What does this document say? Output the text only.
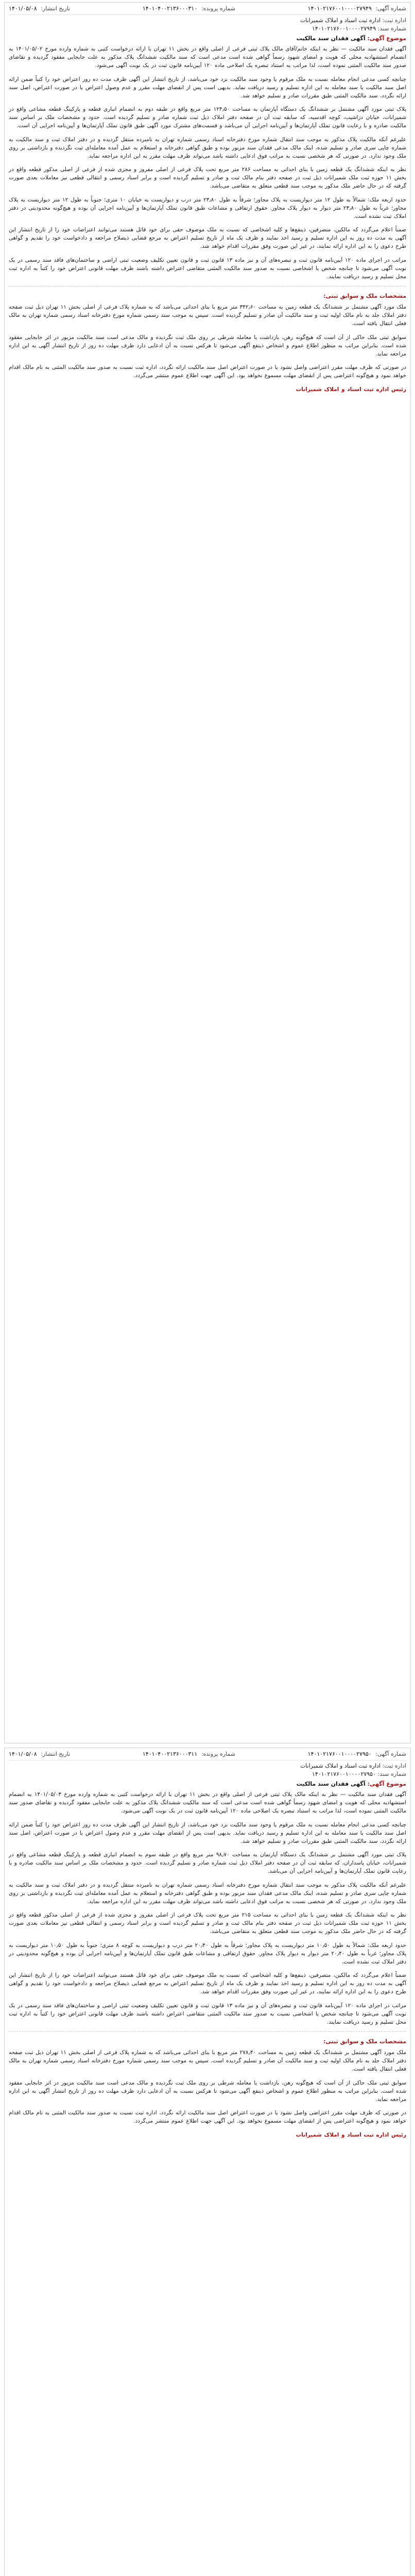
شماره آگهی: ۱۴۰۱۰۲۱۷۶۰۰۱۰۰۰۰۲۷۹۴۹
شماره پرونده: ۱۴۰۱۰۴۰۰۲۱۳۶۰۰۰۳۱۰
تاریخ انتشار: ۱۴۰۱/۰۵/۰۸
اداره ثبت: اداره ثبت اسناد و املاک شمیرانات
شماره سند: ۱۴۰۱۰۲۱۷۶۰۰۱۰۰۰۰۲۷۹۴۹
موضوع آگهی: آگهی فقدان سند مالکیت

آگهی فقدان سند مالکیت — نظر به اینکه خانم/آقای مالک پلاک ثبتی فرعی از اصلی واقع در بخش ۱۱ تهران با ارائه درخواست کتبی به شماره وارده مورخ ۱۴۰۱/۰۵/۰۲ به انضمام استشهادیه محلی که هویت و امضای شهود رسماً گواهی شده است مدعی است که سند مالکیت ششدانگ پلاک مذکور به علت جابجایی مفقود گردیده و تقاضای صدور سند مالکیت المثنی نموده است، لذا مراتب به استناد تبصره یک اصلاحی ماده ۱۲۰ آیین‌نامه قانون ثبت در یک نوبت آگهی می‌شود.

چنانچه کسی مدعی انجام معامله نسبت به ملک مرقوم یا وجود سند مالکیت نزد خود می‌باشد، از تاریخ انتشار این آگهی ظرف مدت ده روز اعتراض خود را کتباً ضمن ارائه اصل سند مالکیت یا سند معامله به این اداره تسلیم و رسید دریافت نماید. بدیهی است پس از انقضای مهلت مقرر و عدم وصول اعتراض یا در صورت اعتراض، اصل سند ارائه نگردد، سند مالکیت المثنی طبق مقررات صادر و تسلیم خواهد شد.

پلاک ثبتی مورد آگهی مشتمل بر ششدانگ یک دستگاه آپارتمان به مساحت ۱۲۴٫۵۰ متر مربع واقع در طبقه دوم به انضمام انباری قطعه و پارکینگ قطعه مشاعی واقع در شمیرانات، خیابان دزاشیب، کوچه اقدسیه، که سابقه ثبت آن در صفحه دفتر املاک ذیل ثبت شماره صادر و تسلیم گردیده است. حدود و مشخصات ملک بر اساس سند مالکیت صادره و با رعایت قانون تملک آپارتمان‌ها و آیین‌نامه اجرایی آن می‌باشد و قسمت‌های مشترک مورد آگهی طبق قانون تملک آپارتمان‌ها و آیین‌نامه اجرایی آن است.

علیرغم آنکه مالکیت پلاک مذکور به موجب سند انتقال شماره مورخ دفترخانه اسناد رسمی شماره تهران به نامبرده منتقل گردیده و در دفتر املاک ثبت و سند مالکیت به شماره چاپی سری صادر و تسلیم شده، اینک مالک مدعی فقدان سند مزبور بوده و طبق گواهی دفترخانه و استعلام به عمل آمده معامله‌ای ثبت نگردیده و بازداشتی بر روی ملک وجود ندارد. در صورتی که هر شخصی نسبت به مراتب فوق ادعایی داشته باشد می‌تواند ظرف مهلت مقرر به این اداره مراجعه نماید.

نظر به اینکه ششدانگ یک قطعه زمین با بنای احداثی به مساحت ۲۸۶ متر مربع تحت پلاک فرعی از اصلی مفروز و مجزی شده از فرعی از اصلی مذکور قطعه واقع در بخش ۱۱ حوزه ثبت ملک شمیرانات ذیل ثبت در صفحه دفتر بنام مالک ثبت و صادر و تسلیم گردیده است و برابر اسناد رسمی و انتقالی قطعی نیز معاملات بعدی صورت گرفته که در حال حاضر ملک مذکور به موجب سند قطعی متعلق به متقاضی می‌باشد.

حدود اربعه ملک: شمالاً به طول ۱۲ متر دیواریست به پلاک مجاور؛ شرقاً به طول ۲۳٫۸۰ متر درب و دیواریست به خیابان ۱۰ متری؛ جنوباً به طول ۱۲ متر دیواریست به پلاک مجاور؛ غرباً به طول ۲۳٫۸۰ متر دیوار به دیوار پلاک مجاور. حقوق ارتفاقی و مشاعات طبق قانون تملک آپارتمان‌ها و آیین‌نامه اجرایی آن بوده و هیچ‌گونه محدودیتی در دفتر املاک ثبت نشده است.

ضمناً اعلام می‌گردد که مالکین، متصرفین، ذینفع‌ها و کلیه اشخاصی که نسبت به ملک موصوف حقی برای خود قائل هستند می‌توانند اعتراضات خود را از تاریخ انتشار این آگهی به مدت ده روز به این اداره تسلیم و رسید اخذ نمایند و ظرف یک ماه از تاریخ تسلیم اعتراض به مرجع قضایی ذیصلاح مراجعه و دادخواست خود را تقدیم و گواهی طرح دعوی را به این اداره ارائه نمایند، در غیر این صورت وفق مقررات اقدام خواهد شد.

مراتب در اجرای ماده ۱۲۰ آیین‌نامه قانون ثبت و تبصره‌های آن و نیز ماده ۱۳ قانون ثبت و قانون تعیین تکلیف وضعیت ثبتی اراضی و ساختمان‌های فاقد سند رسمی در یک نوبت آگهی می‌شود تا چنانچه شخص یا اشخاصی نسبت به صدور سند مالکیت المثنی متقاضی اعتراض داشته باشند ظرف مهلت قانونی اعتراض خود را کتباً به اداره ثبت محل تسلیم و رسید دریافت نمایند.

مشخصات ملک و سوابق ثبتی:

ملک مورد آگهی مشتمل بر ششدانگ یک قطعه زمین به مساحت ۳۴۲٫۶۰ متر مربع با بنای احداثی می‌باشد که به شماره پلاک فرعی از اصلی بخش ۱۱ تهران ذیل ثبت صفحه دفتر املاک جلد به نام مالک اولیه ثبت و سند مالکیت آن صادر و تسلیم گردیده است. سپس به موجب سند رسمی شماره مورخ دفترخانه اسناد رسمی شماره تهران به مالک فعلی انتقال یافته است.

سوابق ثبتی ملک حاکی از آن است که هیچ‌گونه رهن، بازداشت یا معامله شرطی بر روی ملک ثبت نگردیده و مالک مدعی است سند مالکیت مزبور در اثر جابجایی مفقود شده است. بنابراین مراتب به منظور اطلاع عموم و اشخاص ذینفع آگهی می‌شود تا هرکس نسبت به آن ادعایی دارد ظرف مهلت ده روز از تاریخ انتشار آگهی به این اداره مراجعه نماید.

در صورتی که ظرف مهلت مقرر اعتراضی واصل نشود یا در صورت اعتراض اصل سند مالکیت ارائه نگردد، اداره ثبت نسبت به صدور سند مالکیت المثنی به نام مالک اقدام خواهد نمود و هیچ‌گونه اعتراضی پس از انقضای مهلت مسموع نخواهد بود. این آگهی جهت اطلاع عموم منتشر می‌گردد.

رئیس اداره ثبت اسناد و املاک شمیرانات

شماره آگهی: ۱۴۰۱۰۲۱۷۶۰۰۱۰۰۰۰۲۷۹۵۰
شماره پرونده: ۱۴۰۱۰۴۰۰۲۱۳۶۰۰۰۳۱۱
تاریخ انتشار: ۱۴۰۱/۰۵/۰۸
اداره ثبت: اداره ثبت اسناد و املاک شمیرانات
شماره سند: ۱۴۰۱۰۲۱۷۶۰۰۱۰۰۰۰۲۷۹۵۰
موضوع آگهی: آگهی فقدان سند مالکیت

آگهی فقدان سند مالکیت — نظر به اینکه مالک پلاک ثبتی فرعی از اصلی واقع در بخش ۱۱ تهران با ارائه درخواست کتبی به شماره وارده مورخ ۱۴۰۱/۰۵/۰۳ به انضمام استشهادیه محلی که هویت و امضای شهود رسماً گواهی شده است مدعی است که سند مالکیت ششدانگ پلاک مذکور به علت جابجایی مفقود گردیده و تقاضای صدور سند مالکیت المثنی نموده است، لذا مراتب به استناد تبصره یک اصلاحی ماده ۱۲۰ آیین‌نامه قانون ثبت در یک نوبت آگهی می‌شود.

چنانچه کسی مدعی انجام معامله نسبت به ملک مرقوم یا وجود سند مالکیت نزد خود می‌باشد، از تاریخ انتشار این آگهی ظرف مدت ده روز اعتراض خود را کتباً ضمن ارائه اصل سند مالکیت یا سند معامله به این اداره تسلیم و رسید دریافت نماید. بدیهی است پس از انقضای مهلت مقرر و عدم وصول اعتراض یا در صورت اعتراض، اصل سند ارائه نگردد، سند مالکیت المثنی طبق مقررات صادر و تسلیم خواهد شد.

پلاک ثبتی مورد آگهی مشتمل بر ششدانگ یک دستگاه آپارتمان به مساحت ۹۸٫۷۰ متر مربع واقع در طبقه سوم به انضمام انباری قطعه و پارکینگ قطعه مشاعی واقع در شمیرانات، خیابان پاسداران، که سابقه ثبت آن در صفحه دفتر املاک ذیل ثبت شماره صادر و تسلیم گردیده است. حدود و مشخصات ملک بر اساس سند مالکیت صادره و با رعایت قانون تملک آپارتمان‌ها و آیین‌نامه اجرایی آن می‌باشد.

علیرغم آنکه مالکیت پلاک مذکور به موجب سند انتقال شماره مورخ دفترخانه اسناد رسمی شماره تهران به نامبرده منتقل گردیده و در دفتر املاک ثبت و سند مالکیت به شماره چاپی سری صادر و تسلیم شده، اینک مالک مدعی فقدان سند مزبور بوده و طبق گواهی دفترخانه و استعلام به عمل آمده معامله‌ای ثبت نگردیده و بازداشتی بر روی ملک وجود ندارد. در صورتی که هر شخصی نسبت به مراتب فوق ادعایی داشته باشد می‌تواند ظرف مهلت مقرر به این اداره مراجعه نماید.

نظر به اینکه ششدانگ یک قطعه زمین با بنای احداثی به مساحت ۲۱۵ متر مربع تحت پلاک فرعی از اصلی مفروز و مجزی شده از فرعی از اصلی مذکور قطعه واقع در بخش ۱۱ حوزه ثبت ملک شمیرانات ذیل ثبت در صفحه دفتر بنام مالک ثبت و صادر و تسلیم گردیده است و برابر اسناد رسمی و انتقالی قطعی نیز معاملات بعدی صورت گرفته که در حال حاضر ملک مذکور به موجب سند قطعی متعلق به متقاضی می‌باشد.

حدود اربعه ملک: شمالاً به طول ۱۰٫۵۰ متر دیواریست به پلاک مجاور؛ شرقاً به طول ۲۰٫۴۰ متر درب و دیواریست به کوچه ۸ متری؛ جنوباً به طول ۱۰٫۵۰ متر دیواریست به پلاک مجاور؛ غرباً به طول ۲۰٫۴۰ متر دیوار به دیوار پلاک مجاور. حقوق ارتفاقی و مشاعات طبق قانون تملک آپارتمان‌ها و آیین‌نامه اجرایی آن بوده و هیچ‌گونه محدودیتی در دفتر املاک ثبت نشده است.

ضمناً اعلام می‌گردد که مالکین، متصرفین، ذینفع‌ها و کلیه اشخاصی که نسبت به ملک موصوف حقی برای خود قائل هستند می‌توانند اعتراضات خود را از تاریخ انتشار این آگهی به مدت ده روز به این اداره تسلیم و رسید اخذ نمایند و ظرف یک ماه از تاریخ تسلیم اعتراض به مرجع قضایی ذیصلاح مراجعه و دادخواست خود را تقدیم و گواهی طرح دعوی را به این اداره ارائه نمایند، در غیر این صورت وفق مقررات اقدام خواهد شد.

مراتب در اجرای ماده ۱۲۰ آیین‌نامه قانون ثبت و تبصره‌های آن و نیز ماده ۱۳ قانون ثبت و قانون تعیین تکلیف وضعیت ثبتی اراضی و ساختمان‌های فاقد سند رسمی در یک نوبت آگهی می‌شود تا چنانچه شخص یا اشخاصی نسبت به صدور سند مالکیت المثنی متقاضی اعتراض داشته باشند ظرف مهلت قانونی اعتراض خود را کتباً به اداره ثبت محل تسلیم و رسید دریافت نمایند.

مشخصات ملک و سوابق ثبتی:

ملک مورد آگهی مشتمل بر ششدانگ یک قطعه زمین به مساحت ۲۷۸٫۴۰ متر مربع با بنای احداثی می‌باشد که به شماره پلاک فرعی از اصلی بخش ۱۱ تهران ذیل ثبت صفحه دفتر املاک جلد به نام مالک اولیه ثبت و سند مالکیت آن صادر و تسلیم گردیده است. سپس به موجب سند رسمی شماره مورخ دفترخانه اسناد رسمی شماره تهران به مالک فعلی انتقال یافته است.

سوابق ثبتی ملک حاکی از آن است که هیچ‌گونه رهن، بازداشت یا معامله شرطی بر روی ملک ثبت نگردیده و مالک مدعی است سند مالکیت مزبور در اثر جابجایی مفقود شده است. بنابراین مراتب به منظور اطلاع عموم و اشخاص ذینفع آگهی می‌شود تا هرکس نسبت به آن ادعایی دارد ظرف مهلت ده روز از تاریخ انتشار آگهی به این اداره مراجعه نماید.

در صورتی که ظرف مهلت مقرر اعتراضی واصل نشود یا در صورت اعتراض اصل سند مالکیت ارائه نگردد، اداره ثبت نسبت به صدور سند مالکیت المثنی به نام مالک اقدام خواهد نمود و هیچ‌گونه اعتراضی پس از انقضای مهلت مسموع نخواهد بود. این آگهی جهت اطلاع عموم منتشر می‌گردد.

رئیس اداره ثبت اسناد و املاک شمیرانات
